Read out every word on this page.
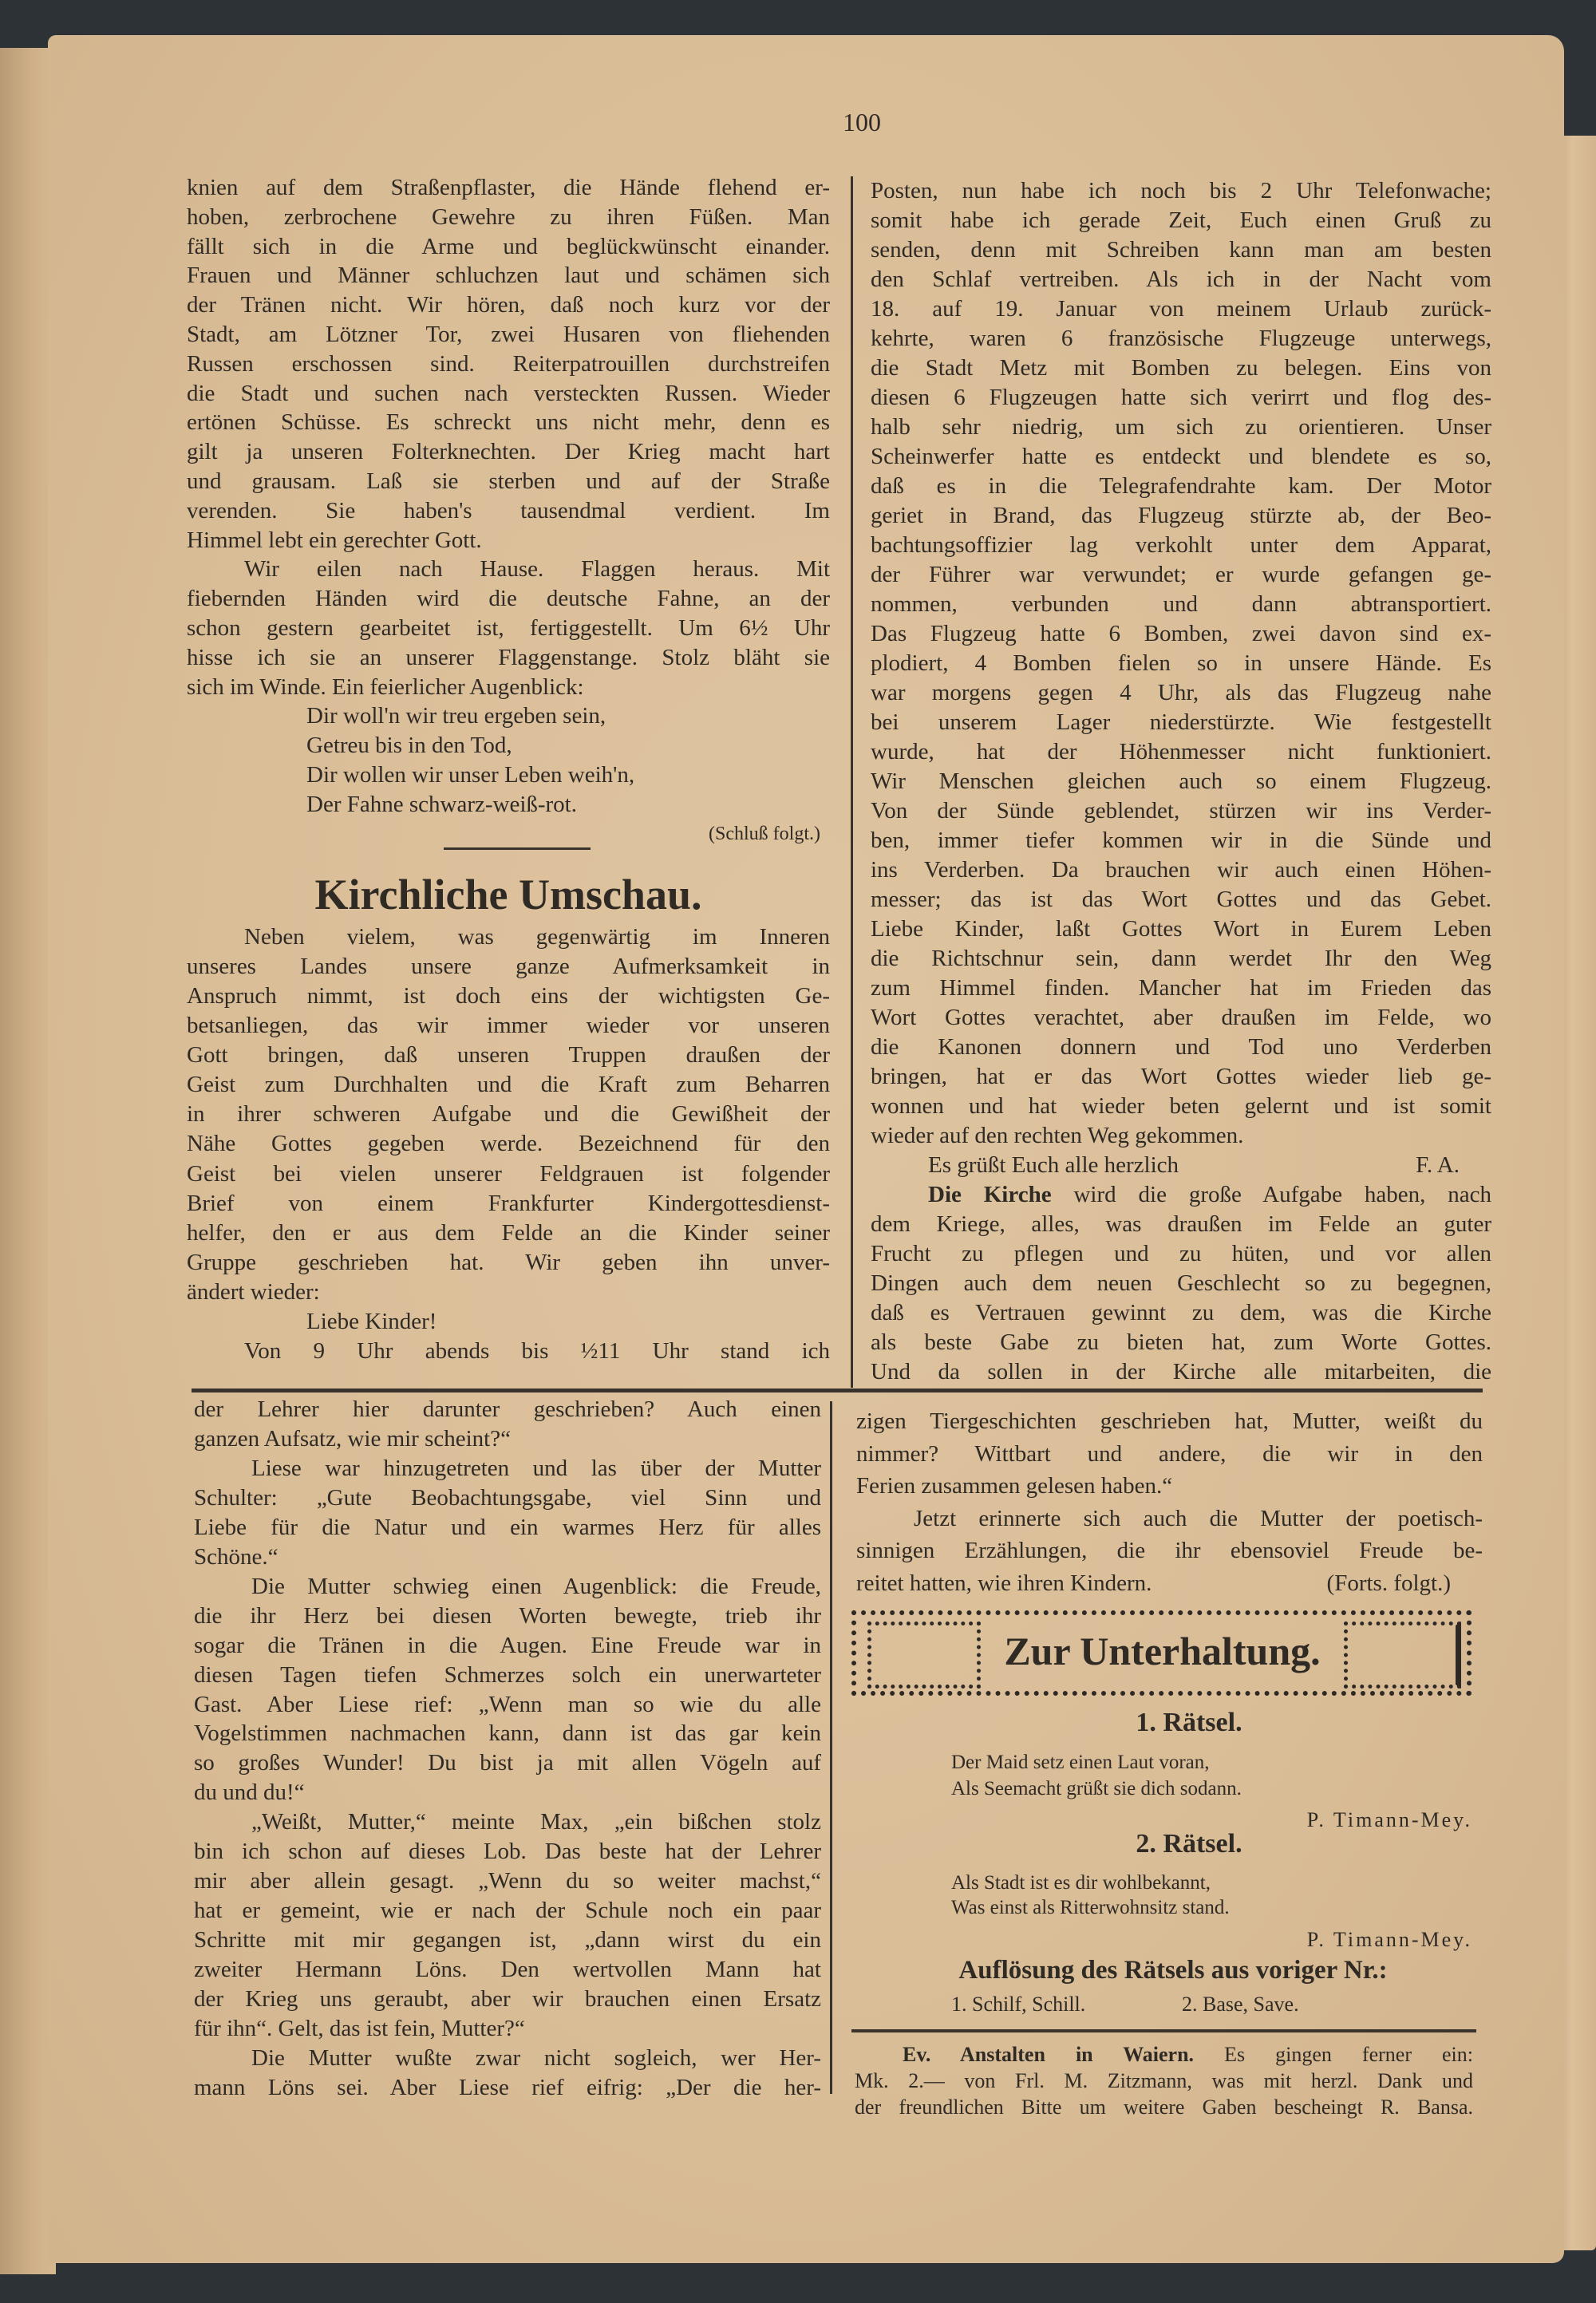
100
knien auf dem Straßenpflaster, die Hände flehend er-
hoben, zerbrochene Gewehre zu ihren Füßen. Man
fällt sich in die Arme und beglückwünscht einander.
Frauen und Männer schluchzen laut und schämen sich
der Tränen nicht. Wir hören, daß noch kurz vor der
Stadt, am Lötzner Tor, zwei Husaren von fliehenden
Russen erschossen sind. Reiterpatrouillen durchstreifen
die Stadt und suchen nach versteckten Russen. Wieder
ertönen Schüsse. Es schreckt uns nicht mehr, denn es
gilt ja unseren Folterknechten. Der Krieg macht hart
und grausam. Laß sie sterben und auf der Straße
verenden. Sie haben's tausendmal verdient. Im
Himmel lebt ein gerechter Gott.
Wir eilen nach Hause. Flaggen heraus. Mit
fiebernden Händen wird die deutsche Fahne, an der
schon gestern gearbeitet ist, fertiggestellt. Um 6½ Uhr
hisse ich sie an unserer Flaggenstange. Stolz bläht sie
sich im Winde. Ein feierlicher Augenblick:
Dir woll'n wir treu ergeben sein,
Getreu bis in den Tod,
Dir wollen wir unser Leben weih'n,
Der Fahne schwarz-weiß-rot.
(Schluß folgt.)
Kirchliche Umschau.
Neben vielem, was gegenwärtig im Inneren
unseres Landes unsere ganze Aufmerksamkeit in
Anspruch nimmt, ist doch eins der wichtigsten Ge-
betsanliegen, das wir immer wieder vor unseren
Gott bringen, daß unseren Truppen draußen der
Geist zum Durchhalten und die Kraft zum Beharren
in ihrer schweren Aufgabe und die Gewißheit der
Nähe Gottes gegeben werde. Bezeichnend für den
Geist bei vielen unserer Feldgrauen ist folgender
Brief von einem Frankfurter Kindergottesdienst-
helfer, den er aus dem Felde an die Kinder seiner
Gruppe geschrieben hat. Wir geben ihn unver-
ändert wieder:
Liebe Kinder!
Von 9 Uhr abends bis ½11 Uhr stand ich
Posten, nun habe ich noch bis 2 Uhr Telefonwache;
somit habe ich gerade Zeit, Euch einen Gruß zu
senden, denn mit Schreiben kann man am besten
den Schlaf vertreiben. Als ich in der Nacht vom
18. auf 19. Januar von meinem Urlaub zurück-
kehrte, waren 6 französische Flugzeuge unterwegs,
die Stadt Metz mit Bomben zu belegen. Eins von
diesen 6 Flugzeugen hatte sich verirrt und flog des-
halb sehr niedrig, um sich zu orientieren. Unser
Scheinwerfer hatte es entdeckt und blendete es so,
daß es in die Telegrafendrahte kam. Der Motor
geriet in Brand, das Flugzeug stürzte ab, der Beo-
bachtungsoffizier lag verkohlt unter dem Apparat,
der Führer war verwundet; er wurde gefangen ge-
nommen, verbunden und dann abtransportiert.
Das Flugzeug hatte 6 Bomben, zwei davon sind ex-
plodiert, 4 Bomben fielen so in unsere Hände. Es
war morgens gegen 4 Uhr, als das Flugzeug nahe
bei unserem Lager niederstürzte. Wie festgestellt
wurde, hat der Höhenmesser nicht funktioniert.
Wir Menschen gleichen auch so einem Flugzeug.
Von der Sünde geblendet, stürzen wir ins Verder-
ben, immer tiefer kommen wir in die Sünde und
ins Verderben. Da brauchen wir auch einen Höhen-
messer; das ist das Wort Gottes und das Gebet.
Liebe Kinder, laßt Gottes Wort in Eurem Leben
die Richtschnur sein, dann werdet Ihr den Weg
zum Himmel finden. Mancher hat im Frieden das
Wort Gottes verachtet, aber draußen im Felde, wo
die Kanonen donnern und Tod uno Verderben
bringen, hat er das Wort Gottes wieder lieb ge-
wonnen und hat wieder beten gelernt und ist somit
wieder auf den rechten Weg gekommen.
Es grüßt Euch alle herzlich	F. A.
Die Kirche wird die große Aufgabe haben, nach
dem Kriege, alles, was draußen im Felde an guter
Frucht zu pflegen und zu hüten, und vor allen
Dingen auch dem neuen Geschlecht so zu begegnen,
daß es Vertrauen gewinnt zu dem, was die Kirche
als beste Gabe zu bieten hat, zum Worte Gottes.
Und da sollen in der Kirche alle mitarbeiten, die
der Lehrer hier darunter geschrieben? Auch einen
ganzen Aufsatz, wie mir scheint?“
Liese war hinzugetreten und las über der Mutter
Schulter: „Gute Beobachtungsgabe, viel Sinn und
Liebe für die Natur und ein warmes Herz für alles
Schöne.“
Die Mutter schwieg einen Augenblick: die Freude,
die ihr Herz bei diesen Worten bewegte, trieb ihr
sogar die Tränen in die Augen. Eine Freude war in
diesen Tagen tiefen Schmerzes solch ein unerwarteter
Gast. Aber Liese rief: „Wenn man so wie du alle
Vogelstimmen nachmachen kann, dann ist das gar kein
so großes Wunder! Du bist ja mit allen Vögeln auf
du und du!“
„Weißt, Mutter,“ meinte Max, „ein bißchen stolz
bin ich schon auf dieses Lob. Das beste hat der Lehrer
mir aber allein gesagt. „Wenn du so weiter machst,“
hat er gemeint, wie er nach der Schule noch ein paar
Schritte mit mir gegangen ist, „dann wirst du ein
zweiter Hermann Löns. Den wertvollen Mann hat
der Krieg uns geraubt, aber wir brauchen einen Ersatz
für ihn“. Gelt, das ist fein, Mutter?“
Die Mutter wußte zwar nicht sogleich, wer Her-
mann Löns sei. Aber Liese rief eifrig: „Der die her-
zigen Tiergeschichten geschrieben hat, Mutter, weißt du
nimmer? Wittbart und andere, die wir in den
Ferien zusammen gelesen haben.“
Jetzt erinnerte sich auch die Mutter der poetisch-
sinnigen Erzählungen, die ihr ebensoviel Freude be-
reitet hatten, wie ihren Kindern.	(Forts. folgt.)
Zur Unterhaltung.
1. Rätsel.
Der Maid setz einen Laut voran,
Als Seemacht grüßt sie dich sodann.
P. Timann-Mey.
2. Rätsel.
Als Stadt ist es dir wohlbekannt,
Was einst als Ritterwohnsitz stand.
P. Timann-Mey.
Auflösung des Rätsels aus voriger Nr.:
1. Schilf, Schill.	2. Base, Save.
Ev. Anstalten in Waiern. Es gingen ferner ein:
Mk. 2.— von Frl. M. Zitzmann, was mit herzl. Dank und
der freundlichen Bitte um weitere Gaben bescheingt R. Bansa.
